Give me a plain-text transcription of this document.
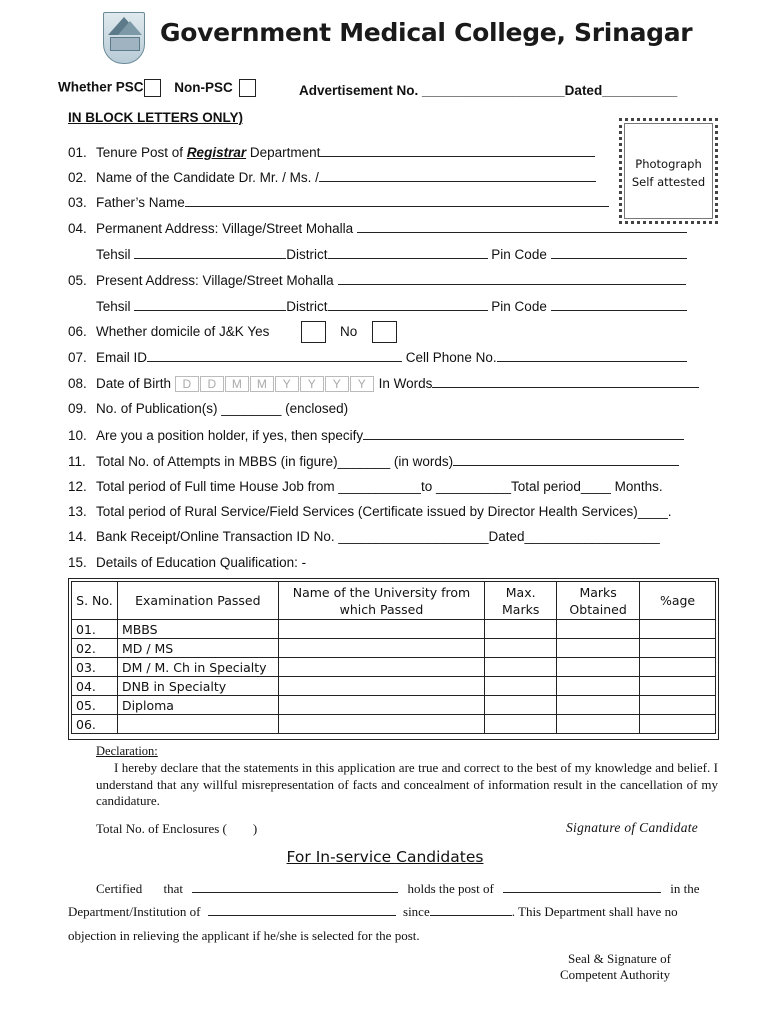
Government Medical College, Srinagar
Whether PSC Non-PSC	Advertisement No. ___________________Dated__________
IN BLOCK LETTERS ONLY)
Photograph
Self attested
01. Tenure Post of Registrar Department
02. Name of the Candidate Dr. Mr. / Ms. /
03. Father’s Name
04. Permanent Address: Village/Street Mohalla
Tehsil	District	Pin Code
05. Present Address: Village/Street Mohalla
Tehsil	District	Pin Code
06. Whether domicile of J&K Yes	No
07. Email ID	Cell Phone No.
08. Date of Birth D D M M Y Y Y Y In Words
09. No. of Publication(s) ________ (enclosed)
10. Are you a position holder, if yes, then specify
11. Total No. of Attempts in MBBS (in figure)_______ (in words)
12. Total period of Full time House Job from ___________to __________Total period____ Months.
13. Total period of Rural Service/Field Services (Certificate issued by Director Health Services)____.
14. Bank Receipt/Online Transaction ID No. ____________________Dated__________________
15. Details of Education Qualification: -
S. No.	Examination Passed	Name of the University from which Passed	Max. Marks	Marks Obtained	%age
01.	MBBS				
02.	MD / MS				
03.	DM / M. Ch in Specialty				
04.	DNB in Specialty				
05.	Diploma				
06.					
Declaration:
I hereby declare that the statements in this application are true and correct to the best of my knowledge and belief. I understand that any willful misrepresentation of facts and concealment of information result in the cancellation of my candidature.
Total No. of Enclosures (        )	Signature of Candidate
For In-service Candidates
Certified that	holds the post of	in the
Department/Institution of	since	. This Department shall have no
objection in relieving the applicant if he/she is selected for the post.
Seal & Signature of
Competent Authority
